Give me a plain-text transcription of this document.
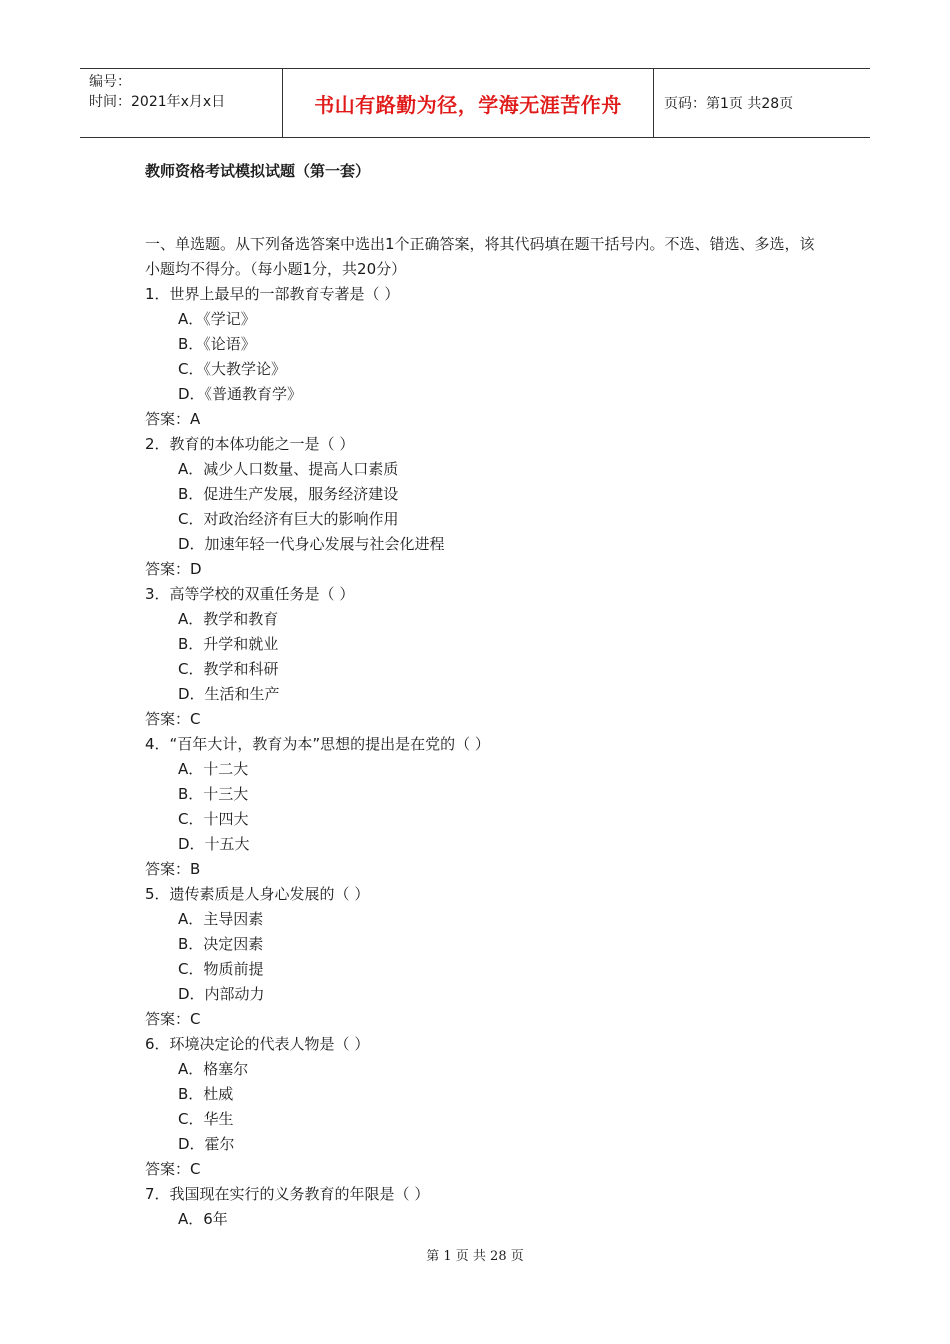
编号：
时间：2021年x月x日	书山有路勤为径，学海无涯苦作舟	页码：第1页 共28页
教师资格考试模拟试题（第一套）

一、单选题。从下列备选答案中选出1个正确答案，将其代码填在题干括号内。不选、错选、多选，该小题均不得分。（每小题1分，共20分）

1．世界上最早的一部教育专著是（ ）
A．《学记》
B．《论语》
C．《大教学论》
D．《普通教育学》
答案：A
2．教育的本体功能之一是（ ）
A．减少人口数量、提高人口素质
B．促进生产发展，服务经济建设
C．对政治经济有巨大的影响作用
D．加速年轻一代身心发展与社会化进程
答案：D
3．高等学校的双重任务是（ ）
A．教学和教育
B．升学和就业
C．教学和科研
D．生活和生产
答案：C
4．“百年大计，教育为本”思想的提出是在党的（ ）
A．十二大
B．十三大
C．十四大
D．十五大
答案：B
5．遗传素质是人身心发展的（ ）
A．主导因素
B．决定因素
C．物质前提
D．内部动力
答案：C
6．环境决定论的代表人物是（ ）
A．格塞尔
B．杜威
C．华生
D．霍尔
答案：C
7．我国现在实行的义务教育的年限是（ ）
A．6年
第 1 页 共 28 页
